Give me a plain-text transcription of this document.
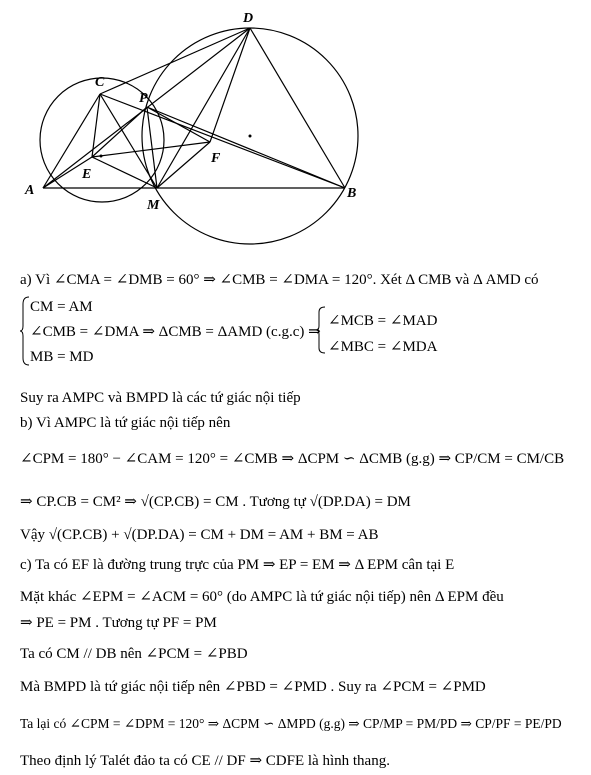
A	B
C
D
E
F
M
P
a) Vì ∠CMA = ∠DMB = 60° ⇒ ∠CMB = ∠DMA = 120°. Xét Δ CMB và Δ AMD có
CM = AM
∠CMB = ∠DMA ⇒ ΔCMB = ΔAMD (c.g.c) ⇒
MB = MD
∠MCB = ∠MAD
∠MBC = ∠MDA
Suy ra AMPC và BMPD là các tứ giác nội tiếp
b) Vì AMPC là tứ giác nội tiếp nên
∠CPM = 180° − ∠CAM = 120° = ∠CMB ⇒ ΔCPM ∽ ΔCMB (g.g) ⇒ CP/CM = CM/CB
⇒ CP.CB = CM² ⇒ √(CP.CB) = CM . Tương tự √(DP.DA) = DM
Vậy √(CP.CB) + √(DP.DA) = CM + DM = AM + BM = AB
c) Ta có EF là đường trung trực của PM ⇒ EP = EM ⇒ Δ EPM cân tại E
Mặt khác ∠EPM = ∠ACM = 60° (do AMPC là tứ giác nội tiếp) nên Δ EPM đều
⇒ PE = PM . Tương tự PF = PM
Ta có CM // DB nên ∠PCM = ∠PBD
Mà BMPD là tứ giác nội tiếp nên ∠PBD = ∠PMD . Suy ra ∠PCM = ∠PMD
Ta lại có ∠CPM = ∠DPM = 120° ⇒ ΔCPM ∽ ΔMPD (g.g) ⇒ CP/MP = PM/PD ⇒ CP/PF = PE/PD
Theo định lý Talét đảo ta có CE // DF ⇒ CDFE là hình thang.
